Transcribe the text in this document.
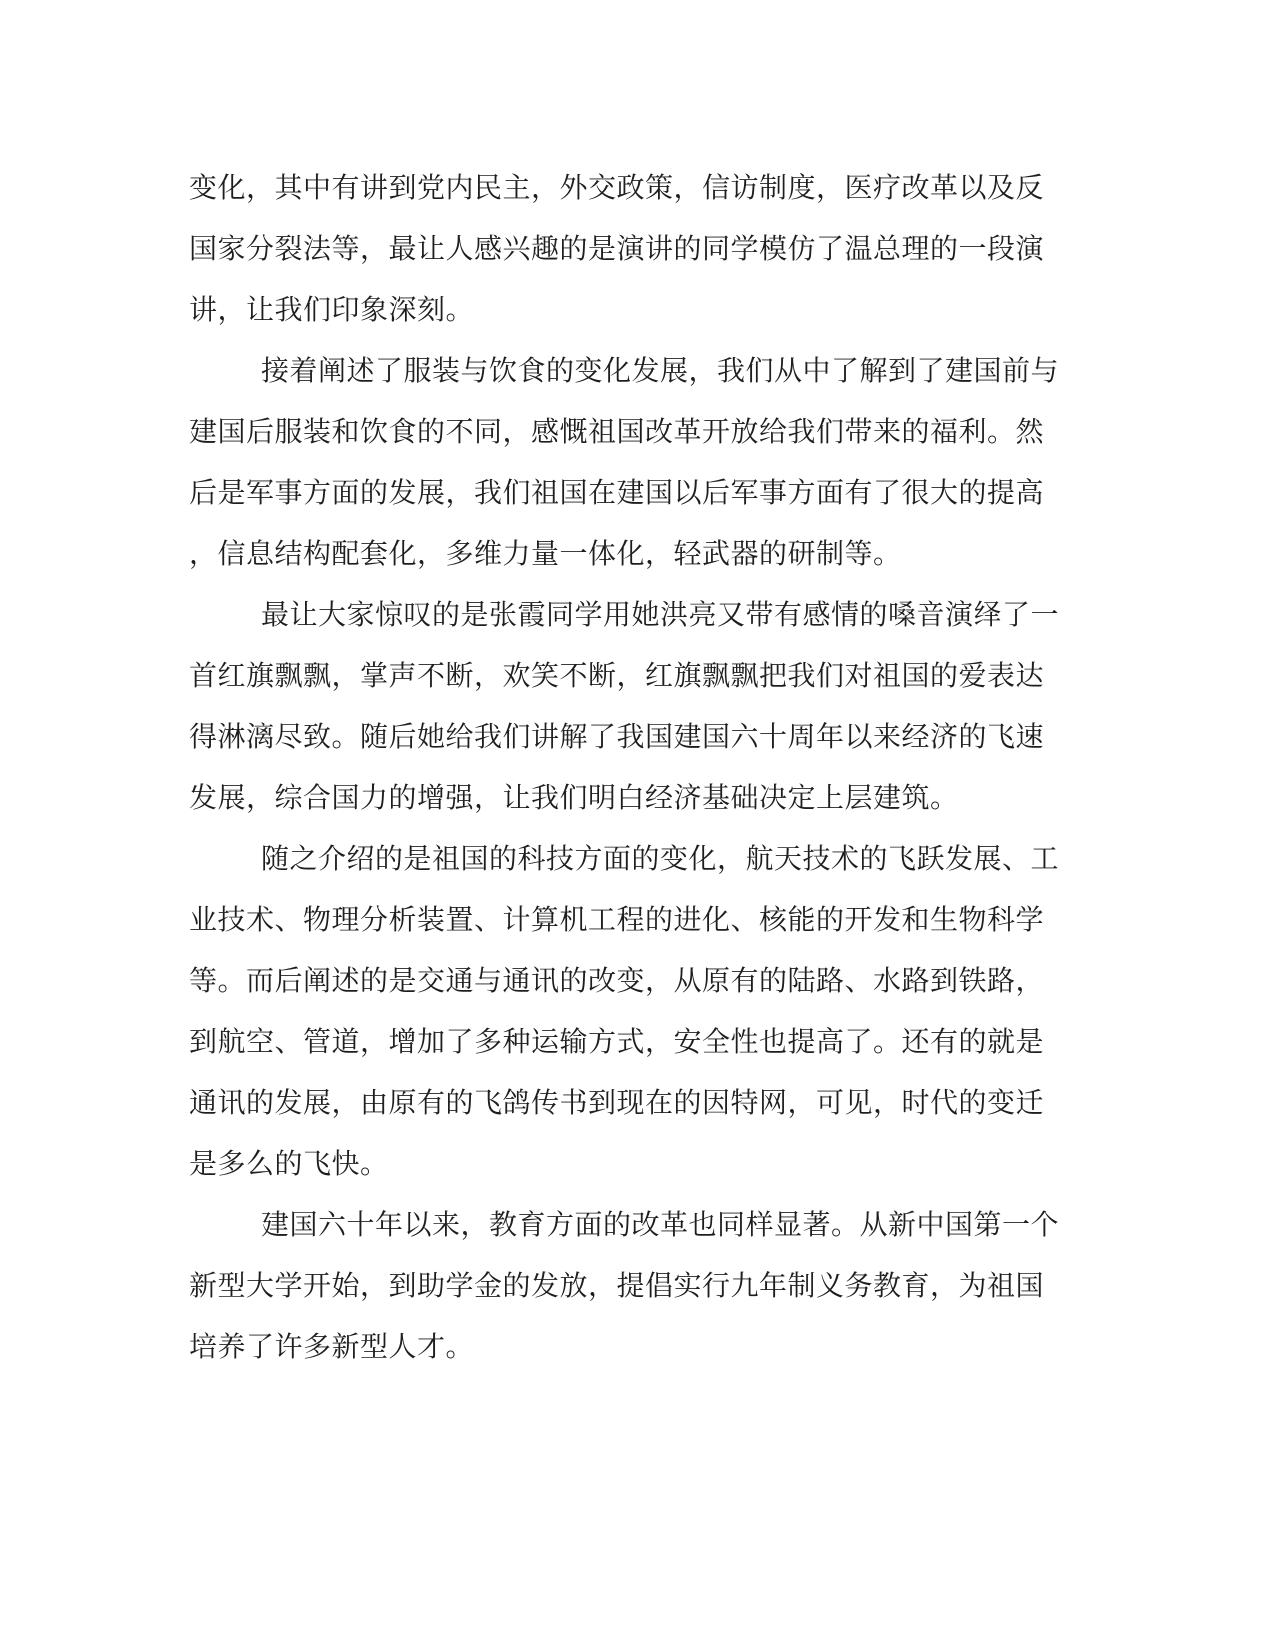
变化，其中有讲到党内民主，外交政策，信访制度，医疗改革以及反
国家分裂法等，最让人感兴趣的是演讲的同学模仿了温总理的一段演
讲，让我们印象深刻。
接着阐述了服装与饮食的变化发展，我们从中了解到了建国前与
建国后服装和饮食的不同，感慨祖国改革开放给我们带来的福利。然
后是军事方面的发展，我们祖国在建国以后军事方面有了很大的提高
，信息结构配套化，多维力量一体化，轻武器的研制等。
最让大家惊叹的是张霞同学用她洪亮又带有感情的嗓音演绎了一
首红旗飘飘，掌声不断，欢笑不断，红旗飘飘把我们对祖国的爱表达
得淋漓尽致。随后她给我们讲解了我国建国六十周年以来经济的飞速
发展，综合国力的增强，让我们明白经济基础决定上层建筑。
随之介绍的是祖国的科技方面的变化，航天技术的飞跃发展、工
业技术、物理分析装置、计算机工程的进化、核能的开发和生物科学
等。而后阐述的是交通与通讯的改变，从原有的陆路、水路到铁路，
到航空、管道，增加了多种运输方式，安全性也提高了。还有的就是
通讯的发展，由原有的飞鸽传书到现在的因特网，可见，时代的变迁
是多么的飞快。
建国六十年以来，教育方面的改革也同样显著。从新中国第一个
新型大学开始，到助学金的发放，提倡实行九年制义务教育，为祖国
培养了许多新型人才。
